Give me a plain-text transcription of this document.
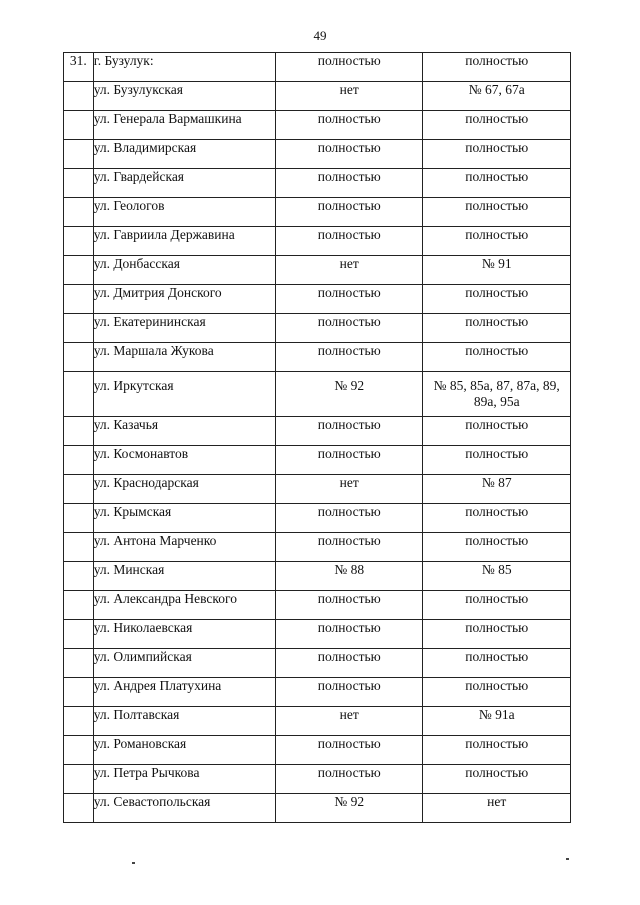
49
31.	г. Бузулук:	полностью	полностью
	ул. Бузулукская	нет	№ 67, 67а
	ул. Генерала Вармашкина	полностью	полностью
	ул. Владимирская	полностью	полностью
	ул. Гвардейская	полностью	полностью
	ул. Геологов	полностью	полностью
	ул. Гавриила Державина	полностью	полностью
	ул. Донбасская	нет	№ 91
	ул. Дмитрия Донского	полностью	полностью
	ул. Екатерининская	полностью	полностью
	ул. Маршала Жукова	полностью	полностью
	ул. Иркутская	№ 92	№ 85, 85а, 87, 87а, 89, 89а, 95а
	ул. Казачья	полностью	полностью
	ул. Космонавтов	полностью	полностью
	ул. Краснодарская	нет	№ 87
	ул. Крымская	полностью	полностью
	ул. Антона Марченко	полностью	полностью
	ул. Минская	№ 88	№ 85
	ул. Александра Невского	полностью	полностью
	ул. Николаевская	полностью	полностью
	ул. Олимпийская	полностью	полностью
	ул. Андрея Платухина	полностью	полностью
	ул. Полтавская	нет	№ 91а
	ул. Романовская	полностью	полностью
	ул. Петра Рычкова	полностью	полностью
	ул. Севастопольская	№ 92	нет
